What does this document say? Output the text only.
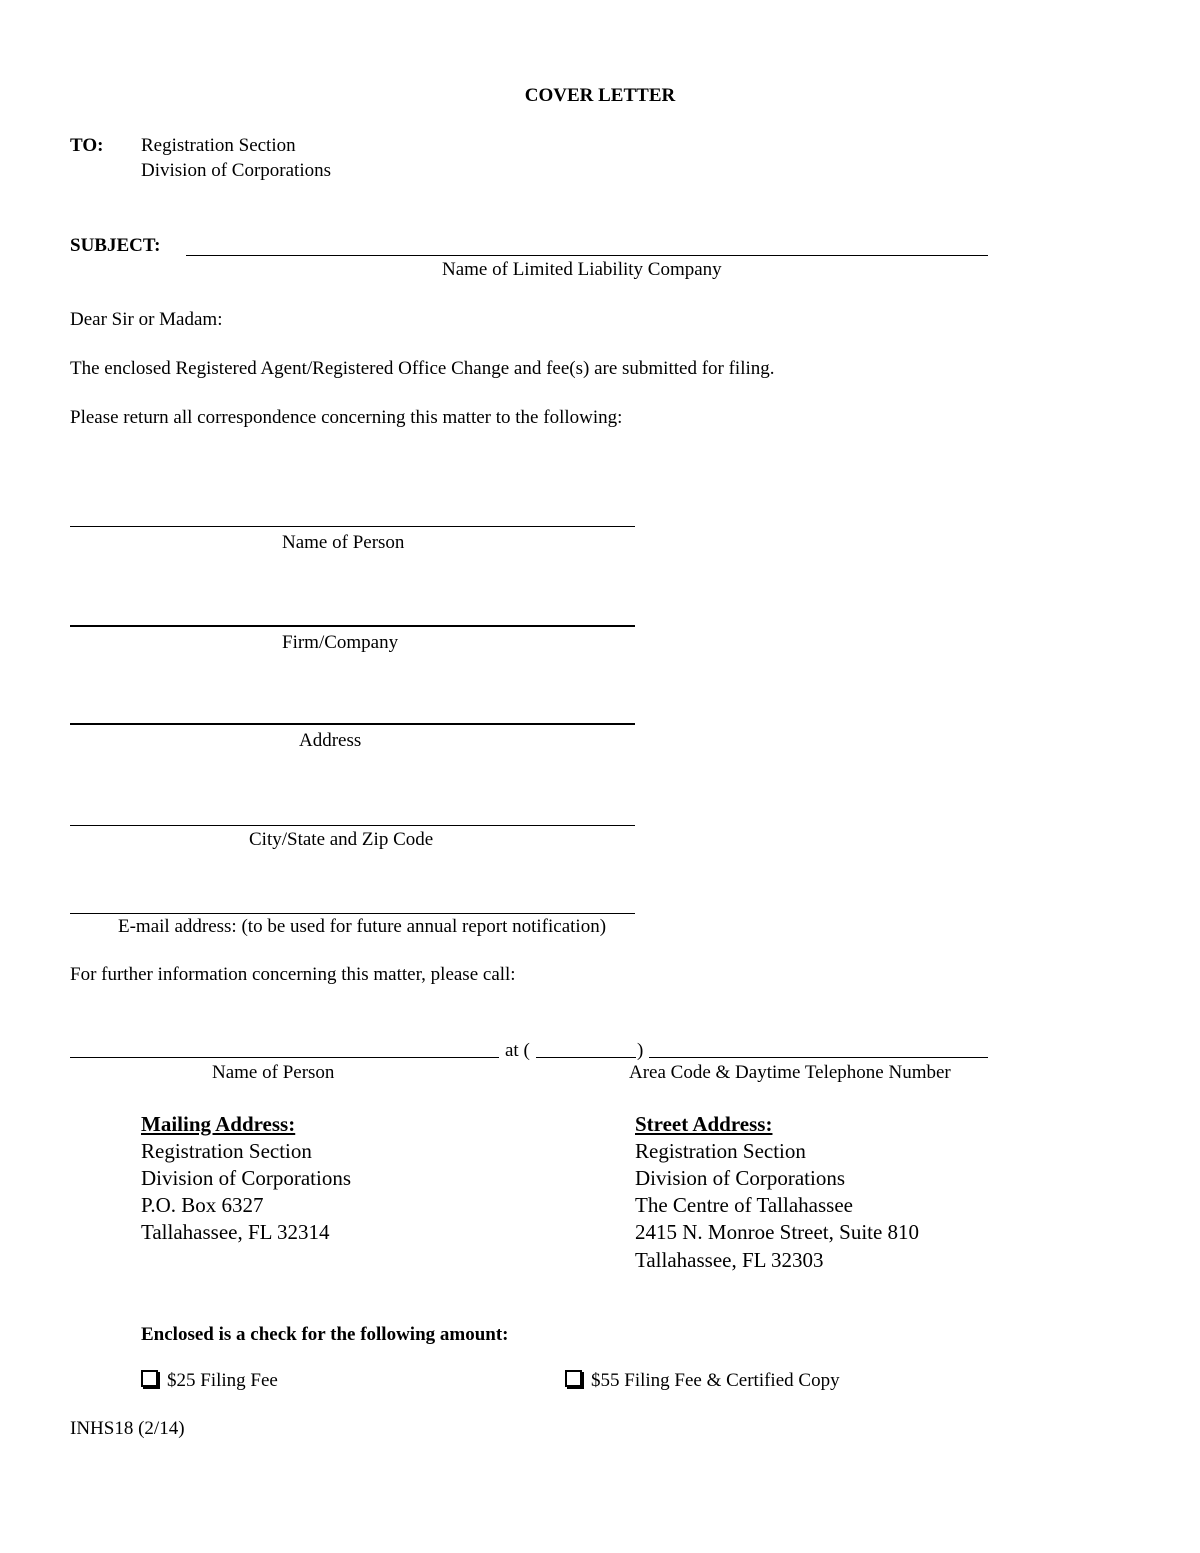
COVER LETTER
TO: Registration Section
Division of Corporations
SUBJECT:
Name of Limited Liability Company
Dear Sir or Madam:
The enclosed Registered Agent/Registered Office Change and fee(s) are submitted for filing.
Please return all correspondence concerning this matter to the following:
Name of Person
Firm/Company
Address
City/State and Zip Code
E-mail address: (to be used for future annual report notification)
For further information concerning this matter, please call:
at (	)
Name of Person	Area Code & Daytime Telephone Number
Mailing Address:
Registration Section
Division of Corporations
P.O. Box 6327
Tallahassee, FL 32314
Street Address:
Registration Section
Division of Corporations
The Centre of Tallahassee
2415 N. Monroe Street, Suite 810
Tallahassee, FL 32303
Enclosed is a check for the following amount:
$25 Filing Fee	$55 Filing Fee & Certified Copy
INHS18 (2/14)
